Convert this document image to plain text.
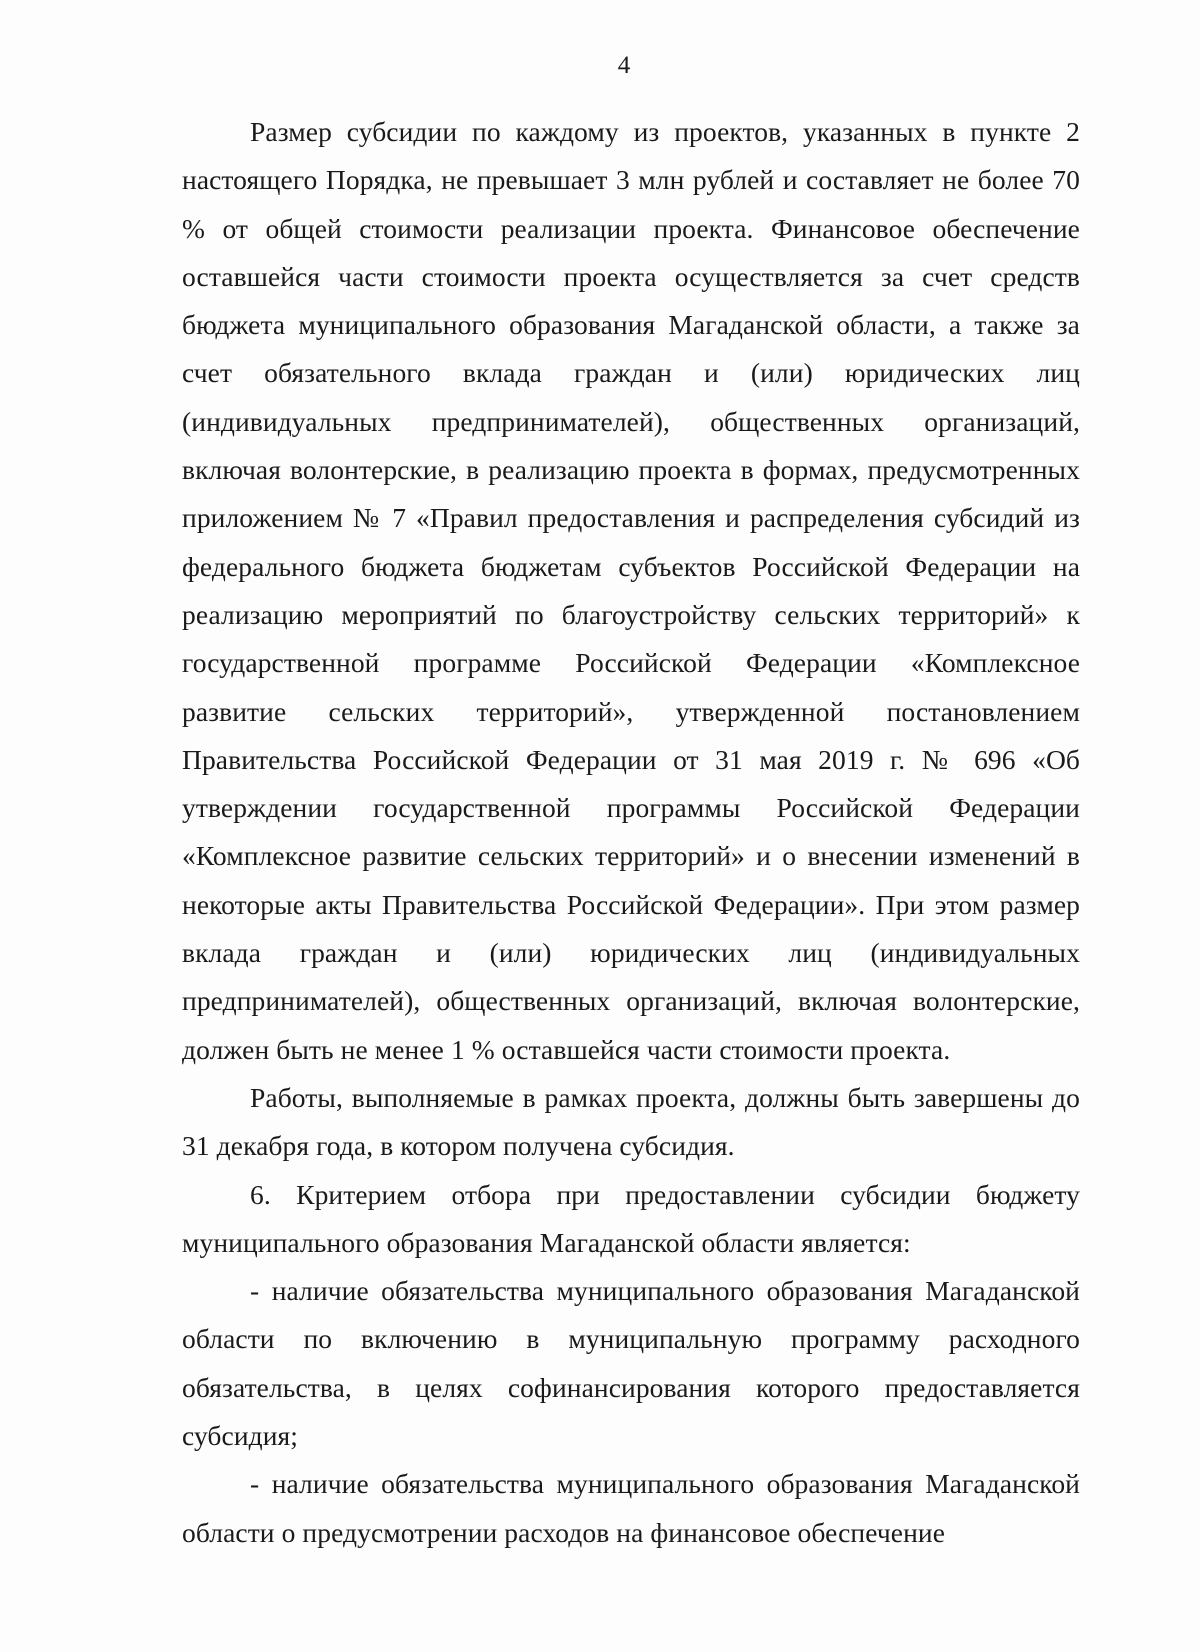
4

Размер субсидии по каждому из проектов, указанных в пункте 2 настоящего Порядка, не превышает 3 млн рублей и составляет не более 70 % от общей стоимости реализации проекта. Финансовое обеспечение оставшейся части стоимости проекта осуществляется за счет средств бюджета муниципального образования Магаданской области, а также за счет обязательного вклада граждан и (или) юридических лиц (индивидуальных предпринимателей), общественных организаций, включая волонтерские, в реализацию проекта в формах, предусмотренных приложением № 7 «Правил предоставления и распределения субсидий из федерального бюджета бюджетам субъектов Российской Федерации на реализацию мероприятий по благоустройству сельских территорий» к государственной программе Российской Федерации «Комплексное развитие сельских территорий», утвержденной постановлением Правительства Российской Федерации от 31 мая 2019 г. № 696 «Об утверждении государственной программы Российской Федерации «Комплексное развитие сельских территорий» и о внесении изменений в некоторые акты Правительства Российской Федерации». При этом размер вклада граждан и (или) юридических лиц (индивидуальных предпринимателей), общественных организаций, включая волонтерские, должен быть не менее 1 % оставшейся части стоимости проекта.

Работы, выполняемые в рамках проекта, должны быть завершены до 31 декабря года, в котором получена субсидия.

6. Критерием отбора при предоставлении субсидии бюджету муниципального образования Магаданской области является:

- наличие обязательства муниципального образования Магаданской области по включению в муниципальную программу расходного обязательства, в целях софинансирования которого предоставляется субсидия;

- наличие обязательства муниципального образования Магаданской области о предусмотрении расходов на финансовое обеспечение
